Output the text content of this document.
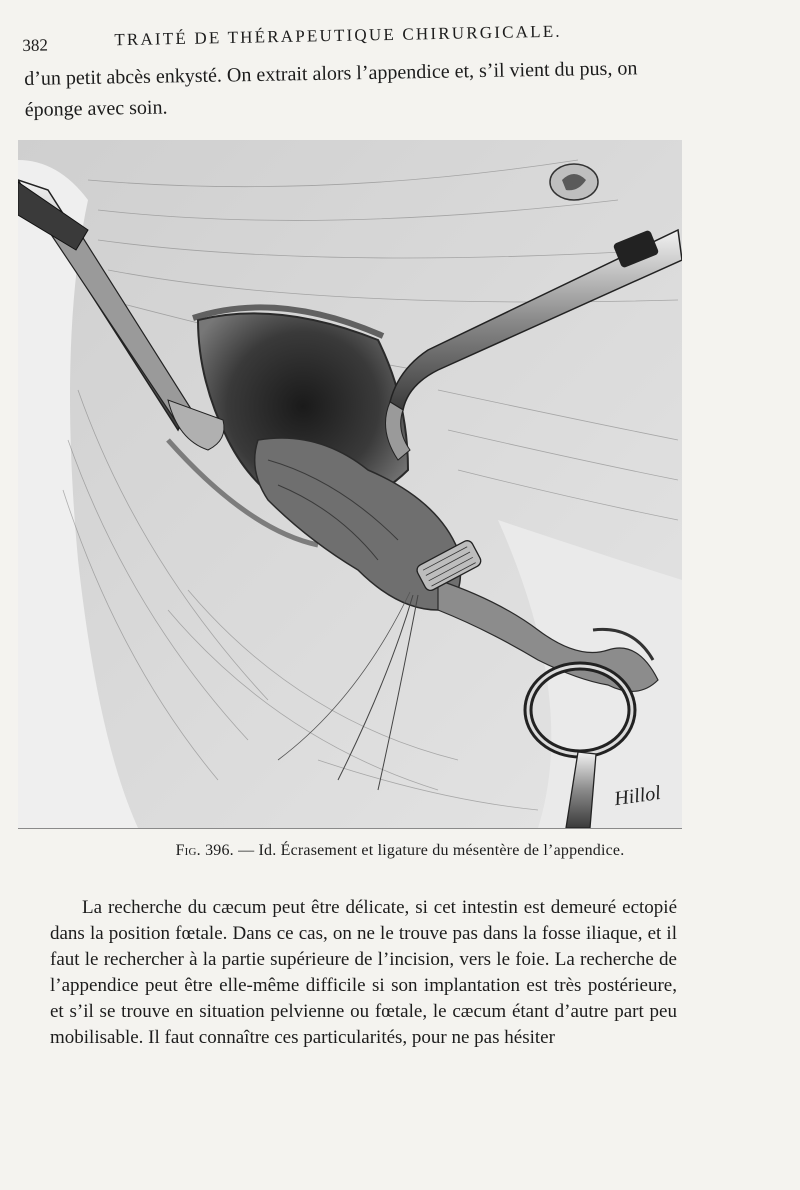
382	TRAITÉ DE THÉRAPEUTIQUE CHIRURGICALE.

d’un petit abcès enkysté. On extrait alors l’appendice et, s’il vient du pus, on éponge avec soin.

Hillol
Fig. 396. — Id. Écrasement et ligature du mésentère de l’appendice.

La recherche du cæcum peut être délicate, si cet intestin est demeuré ectopié dans la position fœtale. Dans ce cas, on ne le trouve pas dans la fosse iliaque, et il faut le rechercher à la partie supérieure de l’incision, vers le foie. La recherche de l’appendice peut être elle-même difficile si son implantation est très postérieure, et s’il se trouve en situation pelvienne ou fœtale, le cæcum étant d’autre part peu mobilisable. Il faut connaître ces particularités, pour ne pas hésiter
